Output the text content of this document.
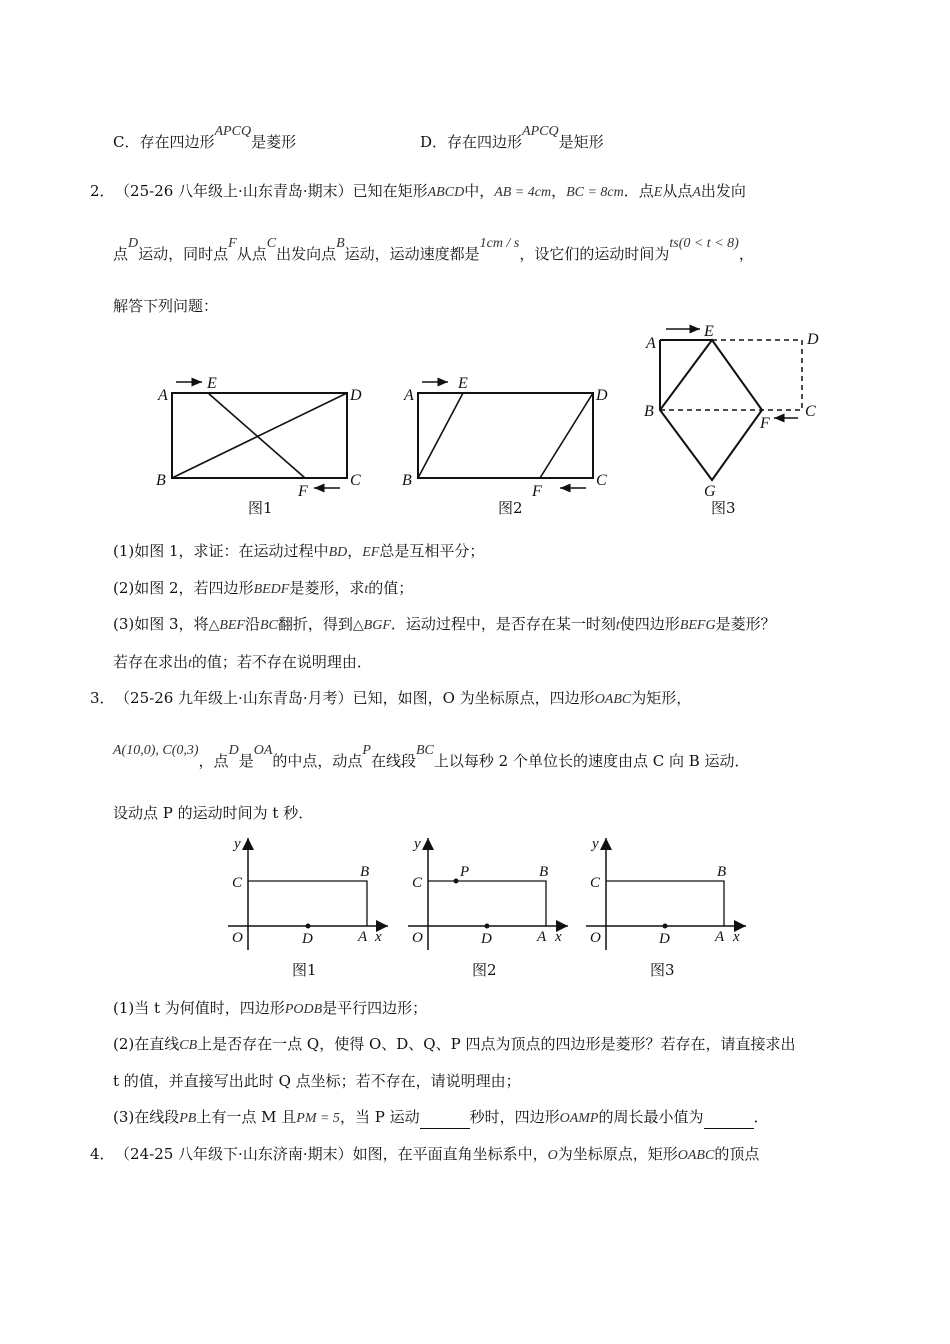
C．存在四边形APCQ是菱形	D．存在四边形APCQ是矩形
2． （25-26 八年级上·山东青岛·期末）已知在矩形ABCD中，AB = 4cm，BC = 8cm．点E从点A出发向
点D运动，同时点F从点C出发向点B运动，运动速度都是1cm / s，设它们的运动时间为ts(0 < t < 8)，
解答下列问题：
A
E
D
B
F
C
图1
A
E
D
B
F
C
图2
A
E	D
B	C
F
G
图3
(1)如图 1，求证：在运动过程中BD，EF总是互相平分；
(2)如图 2，若四边形BEDF是菱形，求t的值；
(3)如图 3，将△BEF沿BC翻折，得到△BGF．运动过程中，是否存在某一时刻t使四边形BEFG是菱形？
若存在求出t的值；若不存在说明理由．
3． （25-26 九年级上·山东青岛·月考）已知，如图，O 为坐标原点，四边形OABC为矩形，
A(10,0), C(0,3)，点D是OA的中点，动点P在线段BC上以每秒 2 个单位长的速度由点 C 向 B 运动．
设动点 P 的运动时间为 t 秒．
y
C
B
O	D	A x
图1
y
C
P	B
O	D	A x
图2
y
C
B
O	D	A x
图3
(1)当 t 为何值时，四边形PODB是平行四边形；
(2)在直线CB上是否存在一点 Q，使得 O、D、Q、P 四点为顶点的四边形是菱形？若存在，请直接求出
t 的值，并直接写出此时 Q 点坐标；若不存在，请说明理由；
(3)在线段PB上有一点 M 且PM = 5，当 P 运动	秒时，四边形OAMP的周长最小值为	．
4． （24-25 八年级下·山东济南·期末）如图，在平面直角坐标系中，O为坐标原点，矩形OABC的顶点
